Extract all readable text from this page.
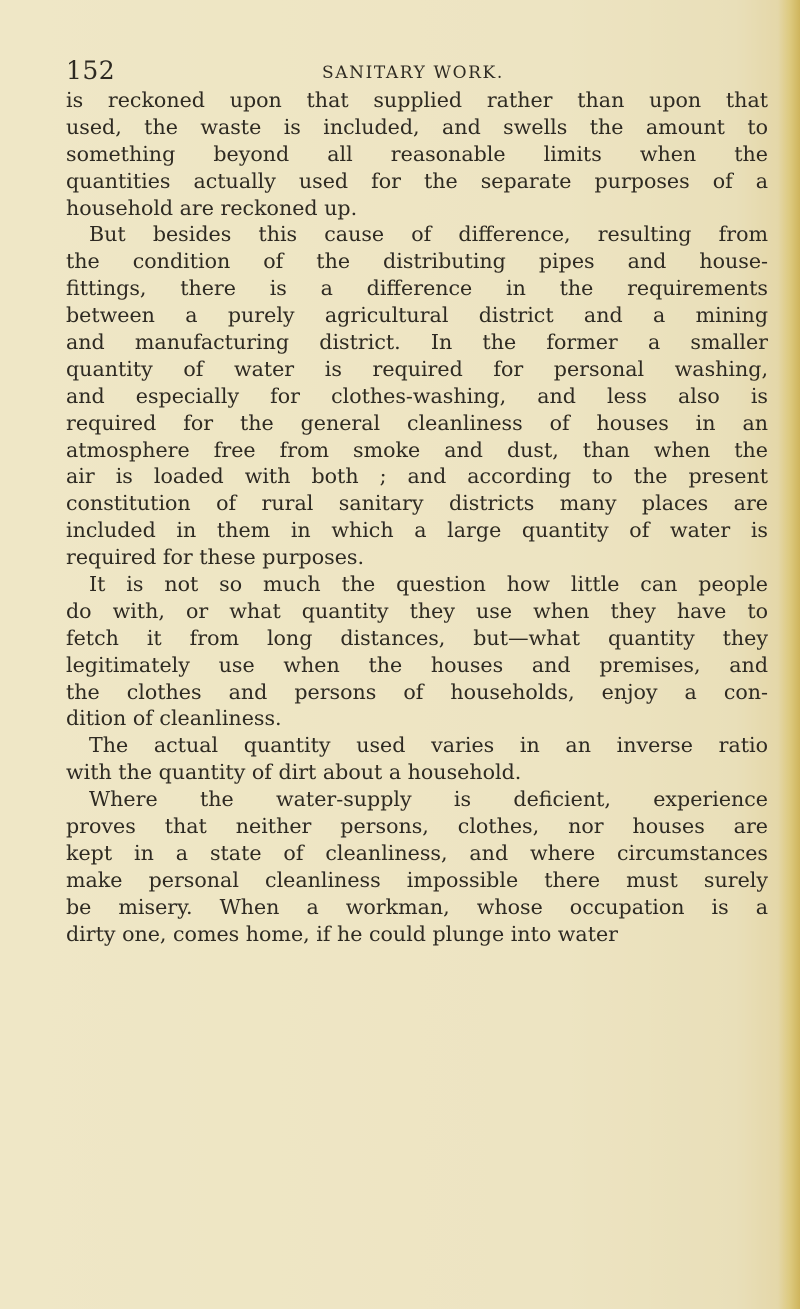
152	SANITARY WORK.
is reckoned upon that supplied rather than upon that
used, the waste is included, and swells the amount to
something beyond all reasonable limits when the
quantities actually used for the separate purposes of a
household are reckoned up.
But besides this cause of difference, resulting from
the condition of the distributing pipes and house-
fittings, there is a difference in the requirements
between a purely agricultural district and a mining
and manufacturing district. In the former a smaller
quantity of water is required for personal washing,
and especially for clothes-washing, and less also is
required for the general cleanliness of houses in an
atmosphere free from smoke and dust, than when the
air is loaded with both ; and according to the present
constitution of rural sanitary districts many places are
included in them in which a large quantity of water is
required for these purposes.
It is not so much the question how little can people
do with, or what quantity they use when they have to
fetch it from long distances, but—what quantity they
legitimately use when the houses and premises, and
the clothes and persons of households, enjoy a con-
dition of cleanliness.
The actual quantity used varies in an inverse ratio
with the quantity of dirt about a household.
Where the water-supply is deficient, experience
proves that neither persons, clothes, nor houses are
kept in a state of cleanliness, and where circumstances
make personal cleanliness impossible there must surely
be misery. When a workman, whose occupation is a
dirty one, comes home, if he could plunge into water
